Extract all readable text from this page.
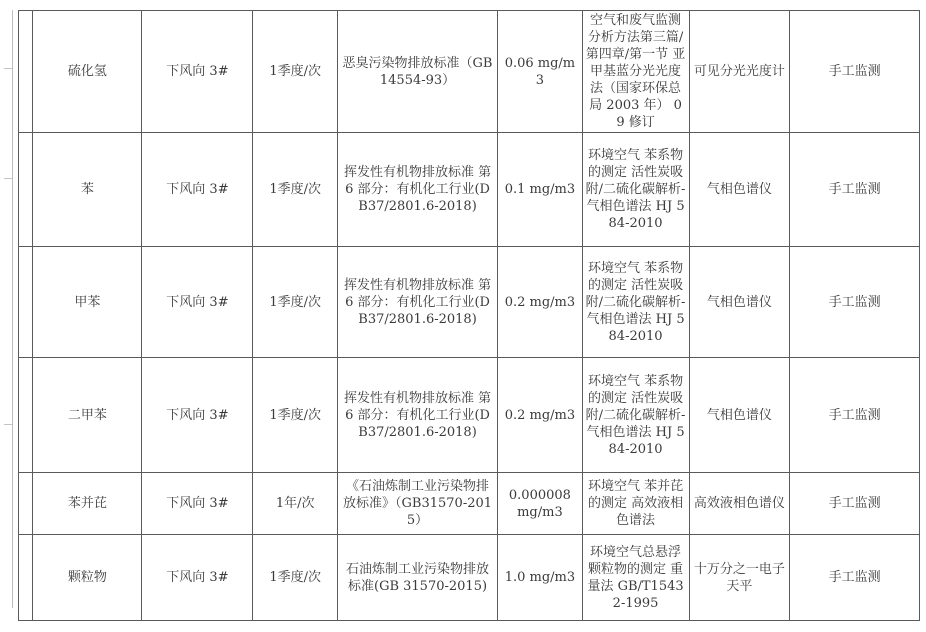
	硫化氢	下风向 3#	1季度/次	恶臭污染物排放标准（GB14554-93）	0.06 mg/m3	空气和废气监测分析方法第三篇/第四章/第一节 亚甲基蓝分光光度法（国家环保总局 2003 年） 09 修订	可见分光光度计	手工监测
	苯	下风向 3#	1季度/次	挥发性有机物排放标准 第 6 部分：有机化工行业(DB37/2801.6-2018)	0.1 mg/m3	环境空气 苯系物的测定 活性炭吸附/二硫化碳解析-气相色谱法 HJ 584-2010	气相色谱仪	手工监测
	甲苯	下风向 3#	1季度/次	挥发性有机物排放标准 第 6 部分：有机化工行业(DB37/2801.6-2018)	0.2 mg/m3	环境空气 苯系物的测定 活性炭吸附/二硫化碳解析-气相色谱法 HJ 584-2010	气相色谱仪	手工监测
	二甲苯	下风向 3#	1季度/次	挥发性有机物排放标准 第 6 部分：有机化工行业(DB37/2801.6-2018)	0.2 mg/m3	环境空气 苯系物的测定 活性炭吸附/二硫化碳解析-气相色谱法 HJ 584-2010	气相色谱仪	手工监测
	苯并芘	下风向 3#	1年/次	《石油炼制工业污染物排放标准》（GB31570-2015）	0.000008 mg/m3	环境空气 苯并芘的测定 高效液相色谱法	高效液相色谱仪	手工监测
	颗粒物	下风向 3#	1季度/次	石油炼制工业污染物排放标准(GB 31570-2015)	1.0 mg/m3	环境空气总悬浮颗粒物的测定 重量法 GB/T15432-1995	十万分之一电子天平	手工监测
